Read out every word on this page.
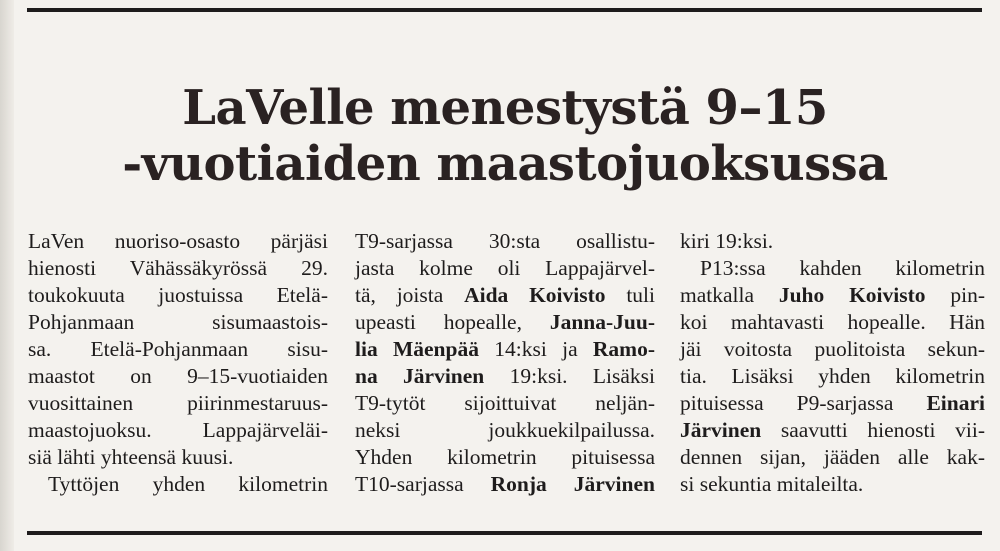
LaVelle menestystä 9–15
-vuotiaiden maastojuoksussa
LaVen nuoriso-osasto pärjäsi
hienosti Vähässäkyrössä 29.
toukokuuta juostuissa Etelä-
Pohjanmaan sisumaastois-
sa. Etelä-Pohjanmaan sisu-
maastot on 9–15-vuotiaiden
vuosittainen piirinmestaruus-
maastojuoksu. Lappajärveläi-
siä lähti yhteensä kuusi.
Tyttöjen yhden kilometrin
T9-sarjassa 30:sta osallistu-
jasta kolme oli Lappajärvel-
tä, joista Aida Koivisto tuli
upeasti hopealle, Janna-Juu-
lia Mäenpää 14:ksi ja Ramo-
na Järvinen 19:ksi. Lisäksi
T9-tytöt sijoittuivat neljän-
neksi joukkuekilpailussa.
Yhden kilometrin pituisessa
T10-sarjassa Ronja Järvinen
kiri 19:ksi.
P13:ssa kahden kilometrin
matkalla Juho Koivisto pin-
koi mahtavasti hopealle. Hän
jäi voitosta puolitoista sekun-
tia. Lisäksi yhden kilometrin
pituisessa P9-sarjassa Einari
Järvinen saavutti hienosti vii-
dennen sijan, jääden alle kak-
si sekuntia mitaleilta.
